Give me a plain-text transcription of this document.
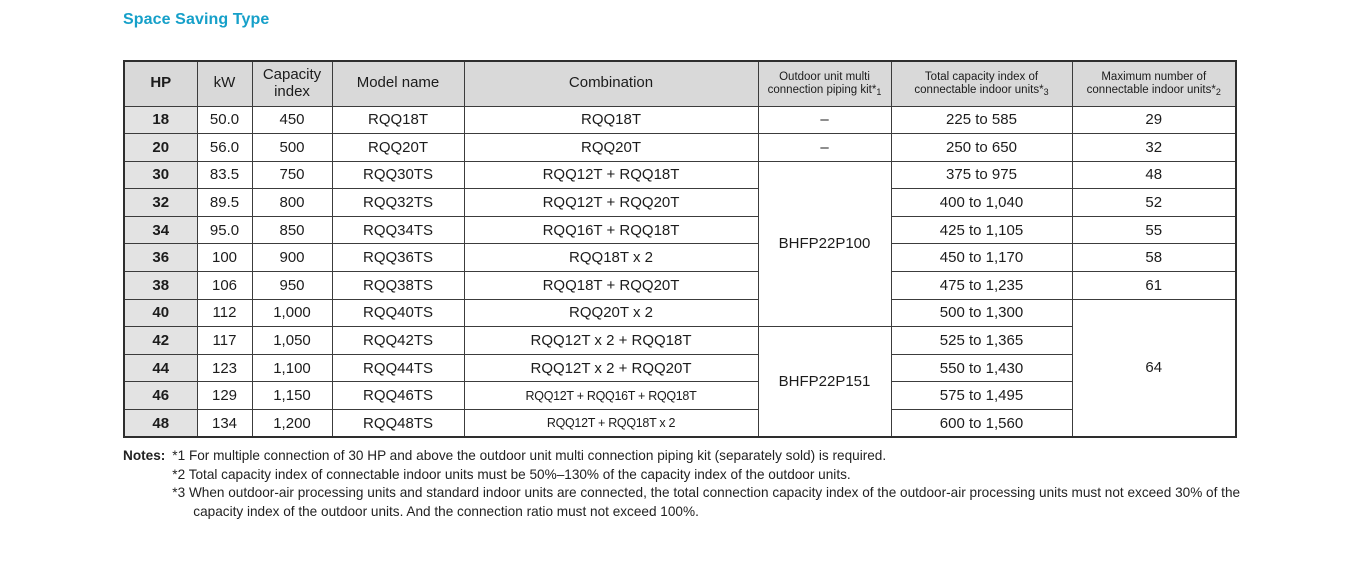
Space Saving Type
HP	kW	Capacity index	Model name	Combination	Outdoor unit multi connection piping $kit*_1$	Total capacity index of connectable indoor $units*_3$	Maximum number of connectable indoor $units*_2$
18	50.0	450	RQQ18T	RQQ18T	–	225 to 585	29
20	56.0	500	RQQ20T	RQQ20T	–	250 to 650	32
30	83.5	750	RQQ30TS	RQQ12T + RQQ18T	BHFP22P100	375 to 975	48
32	89.5	800	RQQ32TS	RQQ12T + RQQ20T		400 to 1,040	52
34	95.0	850	RQQ34TS	RQQ16T + RQQ18T		425 to 1,105	55
36	100	900	RQQ36TS	RQQ18T x 2		450 to 1,170	58
38	106	950	RQQ38TS	RQQ18T + RQQ20T		475 to 1,235	61
40	112	1,000	RQQ40TS	RQQ20T x 2		500 to 1,300	64
42	117	1,050	RQQ42TS	RQQ12T x 2 + RQQ18T	BHFP22P151	525 to 1,365	
44	123	1,100	RQQ44TS	RQQ12T x 2 + RQQ20T		550 to 1,430	
46	129	1,150	RQQ46TS	RQQ12T + RQQ16T + RQQ18T		575 to 1,495	
48	134	1,200	RQQ48TS	RQQ12T + RQQ18T x 2		600 to 1,560	
Notes: *1 For multiple connection of 30 HP and above the outdoor unit multi connection piping kit (separately sold) is required.
*2 Total capacity index of connectable indoor units must be 50%–130% of the capacity index of the outdoor units.
*3 When outdoor-air processing units and standard indoor units are connected, the total connection capacity index of the outdoor-air processing units must not exceed 30% of the capacity index of the outdoor units. And the connection ratio must not exceed 100%.
